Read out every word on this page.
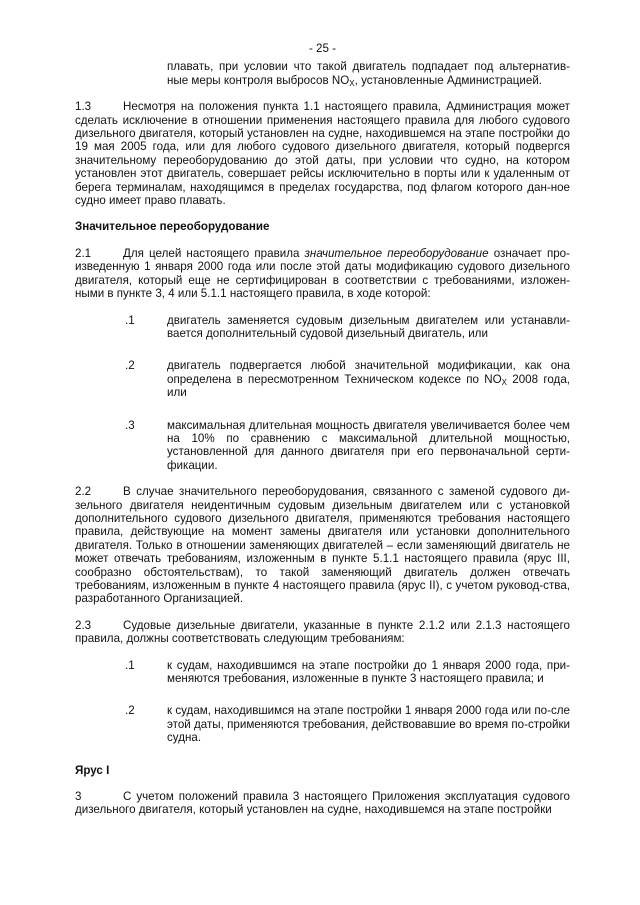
- 25 -

плавать, при условии что такой двигатель подпадает под альтернатив-ные меры контроля выбросов $NO_X$, установленные Администрацией.

1.3	Несмотря на положения пункта 1.1 настоящего правила, Администрация может сделать исключение в отношении применения настоящего правила для любого судового дизельного двигателя, который установлен на судне, находившемся на этапе постройки до 19 мая 2005 года, или для любого судового дизельного двигателя, который подвергся значительному переоборудованию до этой даты, при условии что судно, на котором установлен этот двигатель, совершает рейсы исключительно в порты или к удаленным от берега терминалам, находящимся в пределах государства, под флагом которого дан-ное судно имеет право плавать.

Значительное переоборудование

2.1	Для целей настоящего правила значительное переоборудование означает про-изведенную 1 января 2000 года или после этой даты модификацию судового дизельного двигателя, который еще не сертифицирован в соответствии с требованиями, изложен-ными в пункте 3, 4 или 5.1.1 настоящего правила, в ходе которой:

.1	двигатель заменяется судовым дизельным двигателем или устанавли-вается дополнительный судовой дизельный двигатель, или
.2	двигатель подвергается любой значительной модификации, как она определена в пересмотренном Техническом кодексе по $NO_X$ 2008 года, или
.3	максимальная длительная мощность двигателя увеличивается более чем на 10% по сравнению с максимальной длительной мощностью, установленной для данного двигателя при его первоначальной серти-фикации.

2.2	В случае значительного переоборудования, связанного с заменой судового ди-зельного двигателя неидентичным судовым дизельным двигателем или с установкой дополнительного судового дизельного двигателя, применяются требования настоящего правила, действующие на момент замены двигателя или установки дополнительного двигателя. Только в отношении заменяющих двигателей – если заменяющий двигатель не может отвечать требованиям, изложенным в пункте 5.1.1 настоящего правила (ярус III, сообразно обстоятельствам), то такой заменяющий двигатель должен отвечать требованиям, изложенным в пункте 4 настоящего правила (ярус II), с учетом руковод-ства, разработанного Организацией.

2.3	Судовые дизельные двигатели, указанные в пункте 2.1.2 или 2.1.3 настоящего правила, должны соответствовать следующим требованиям:

.1	к судам, находившимся на этапе постройки до 1 января 2000 года, при-меняются требования, изложенные в пункте 3 настоящего правила; и
.2	к судам, находившимся на этапе постройки 1 января 2000 года или по-сле этой даты, применяются требования, действовавшие во время по-стройки судна.

Ярус I

3	С учетом положений правила 3 настоящего Приложения эксплуатация судового дизельного двигателя, который установлен на судне, находившемся на этапе постройки
